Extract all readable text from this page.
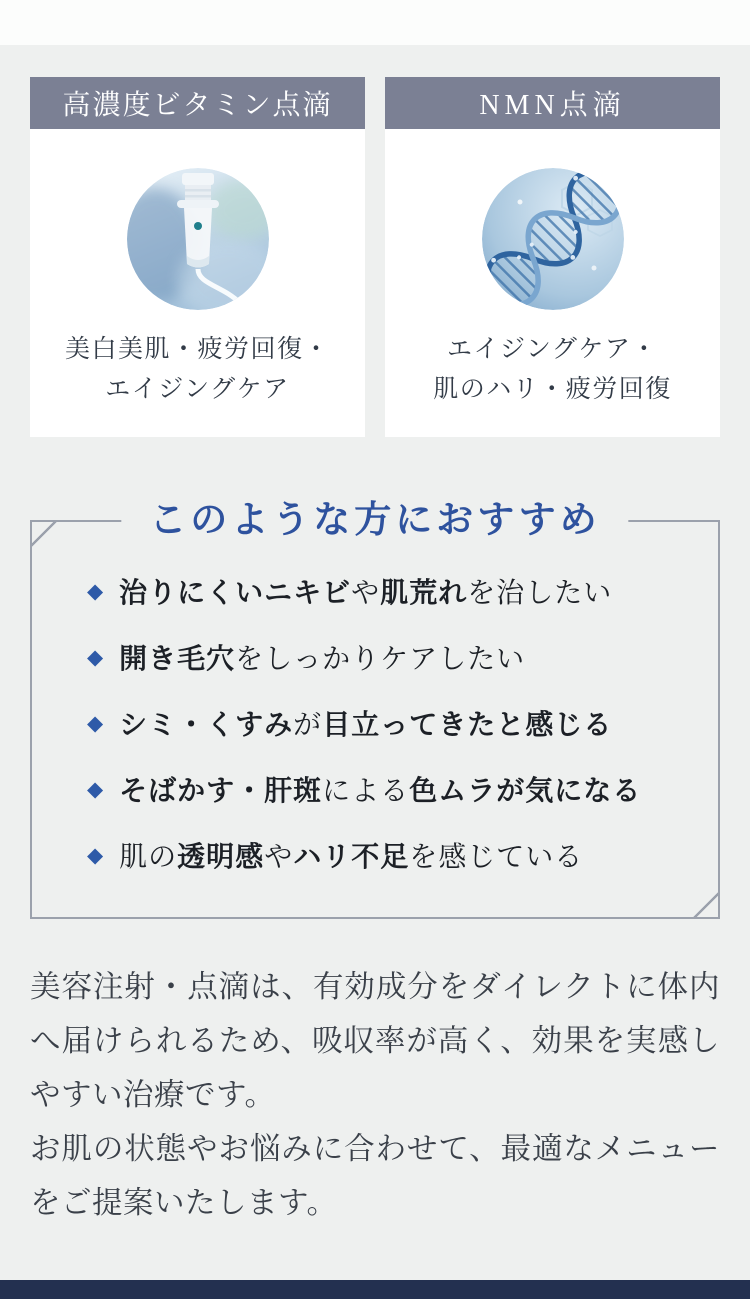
高濃度ビタミン点滴
美白美肌・疲労回復・
エイジングケア
NMN点滴
エイジングケア・
肌のハリ・疲労回復
このような方におすすめ
◆ 治りにくいニキビや肌荒れを治したい
◆ 開き毛穴をしっかりケアしたい
◆ シミ・くすみが目立ってきたと感じる
◆ そばかす・肝斑による色ムラが気になる
◆ 肌の透明感やハリ不足を感じている
美容注射・点滴は、有効成分をダイレクトに体内へ届けられるため、吸収率が高く、効果を実感しやすい治療です。
お肌の状態やお悩みに合わせて、最適なメニューをご提案いたします。
